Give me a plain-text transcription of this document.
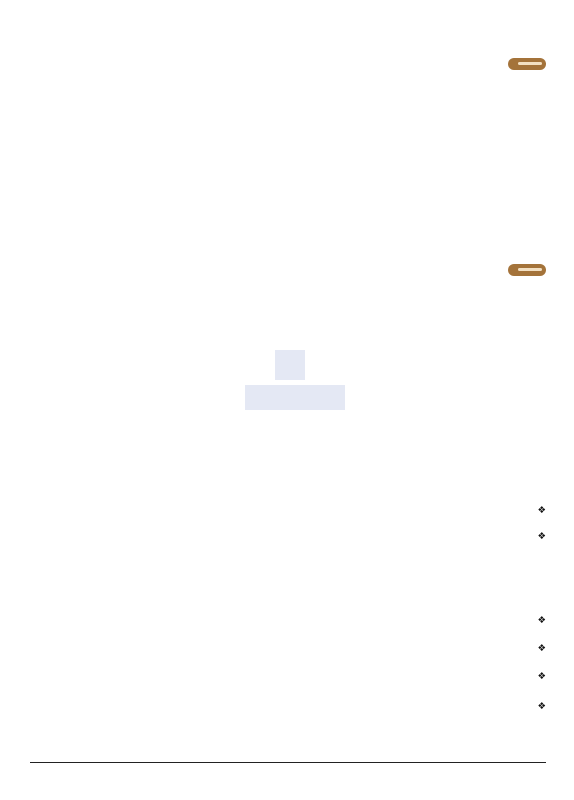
❖
❖
❖
❖
❖
❖
